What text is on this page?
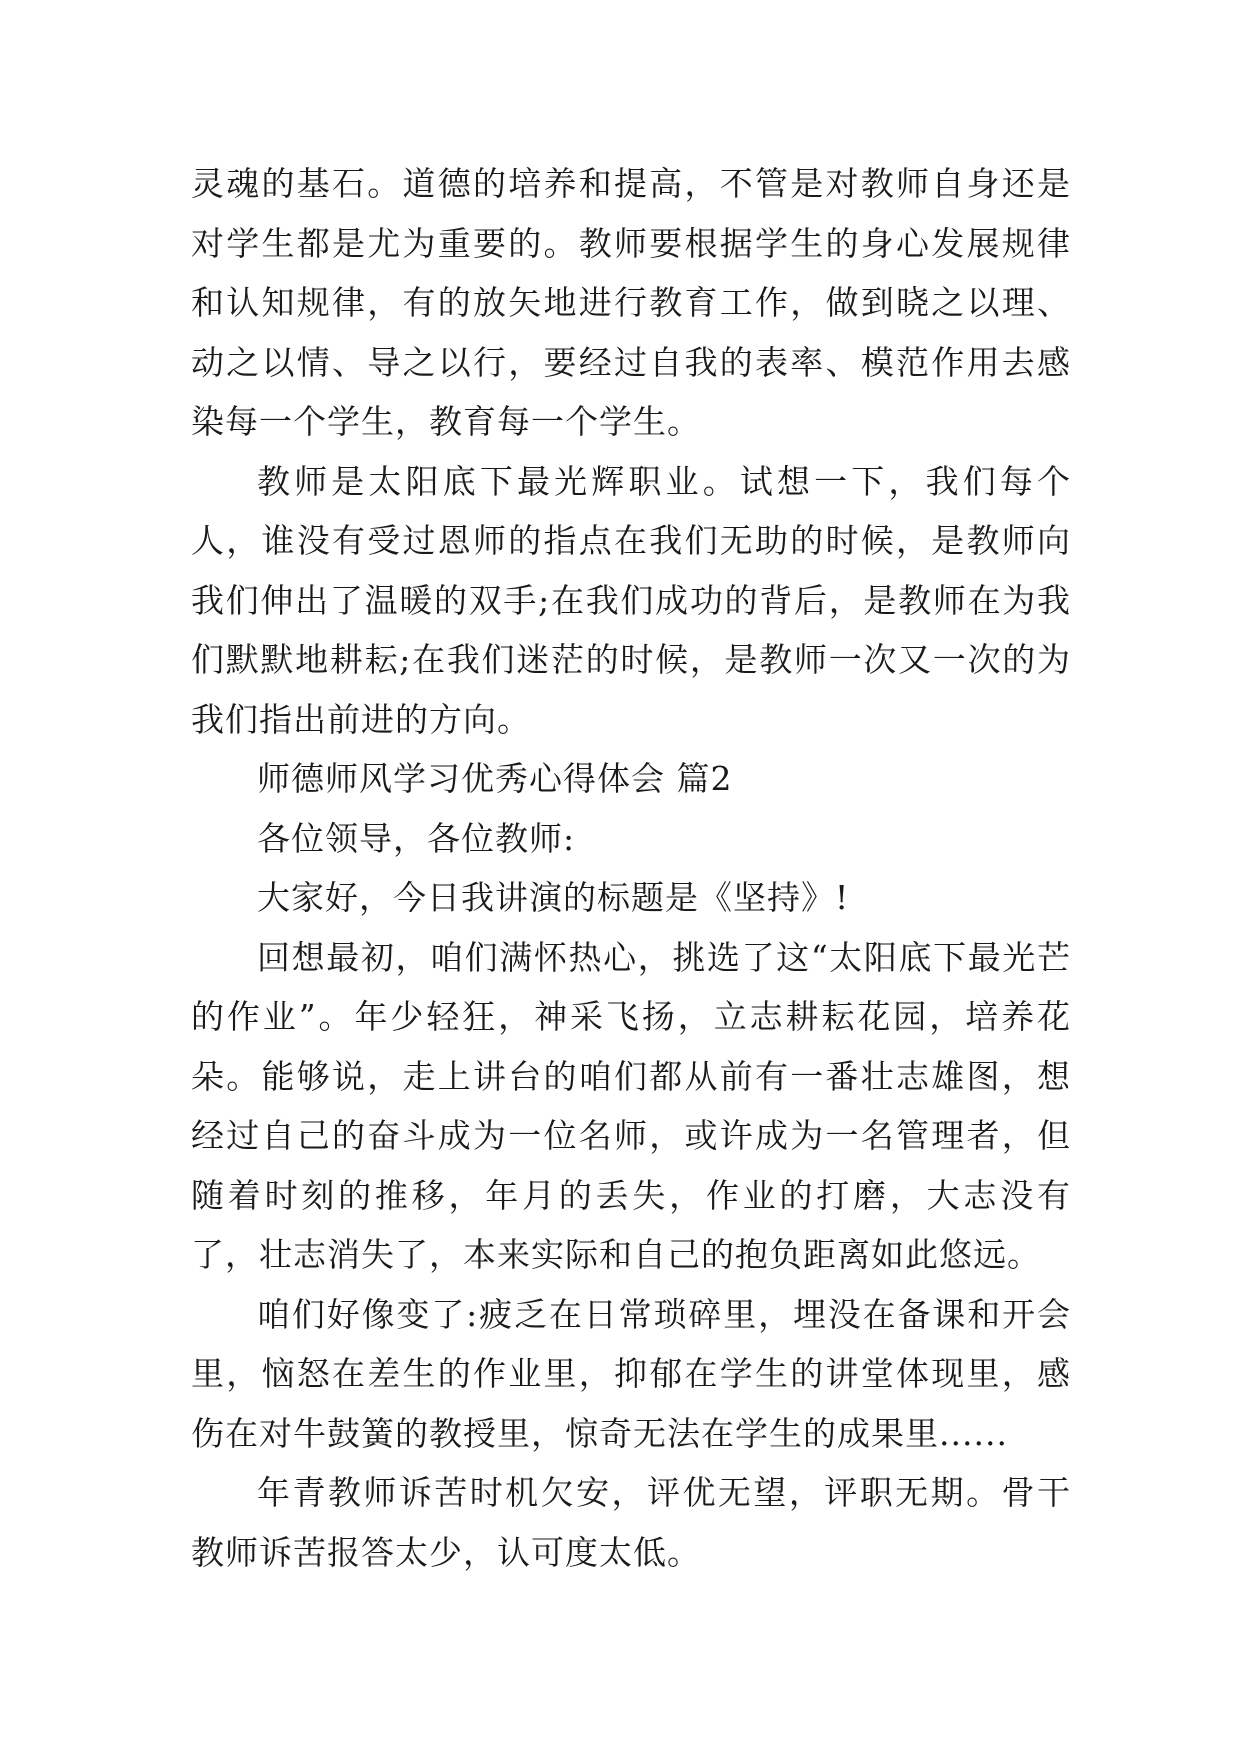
灵魂的基石。道德的培养和提高，不管是对教师自身还是对学生都是尤为重要的。教师要根据学生的身心发展规律和认知规律，有的放矢地进行教育工作，做到晓之以理、动之以情、导之以行，要经过自我的表率、模范作用去感染每一个学生，教育每一个学生。

教师是太阳底下最光辉职业。试想一下，我们每个人，谁没有受过恩师的指点在我们无助的时候，是教师向我们伸出了温暖的双手;在我们成功的背后，是教师在为我们默默地耕耘;在我们迷茫的时候，是教师一次又一次的为我们指出前进的方向。

师德师风学习优秀心得体会 篇2

各位领导，各位教师:

大家好，今日我讲演的标题是《坚持》!

回想最初，咱们满怀热心，挑选了这“太阳底下最光芒的作业”。年少轻狂，神采飞扬，立志耕耘花园，培养花朵。能够说，走上讲台的咱们都从前有一番壮志雄图，想经过自己的奋斗成为一位名师，或许成为一名管理者，但随着时刻的推移，年月的丢失，作业的打磨，大志没有了，壮志消失了，本来实际和自己的抱负距离如此悠远。

咱们好像变了:疲乏在日常琐碎里，埋没在备课和开会里，恼怒在差生的作业里，抑郁在学生的讲堂体现里，感伤在对牛鼓簧的教授里，惊奇无法在学生的成果里......

年青教师诉苦时机欠安，评优无望，评职无期。骨干教师诉苦报答太少，认可度太低。
